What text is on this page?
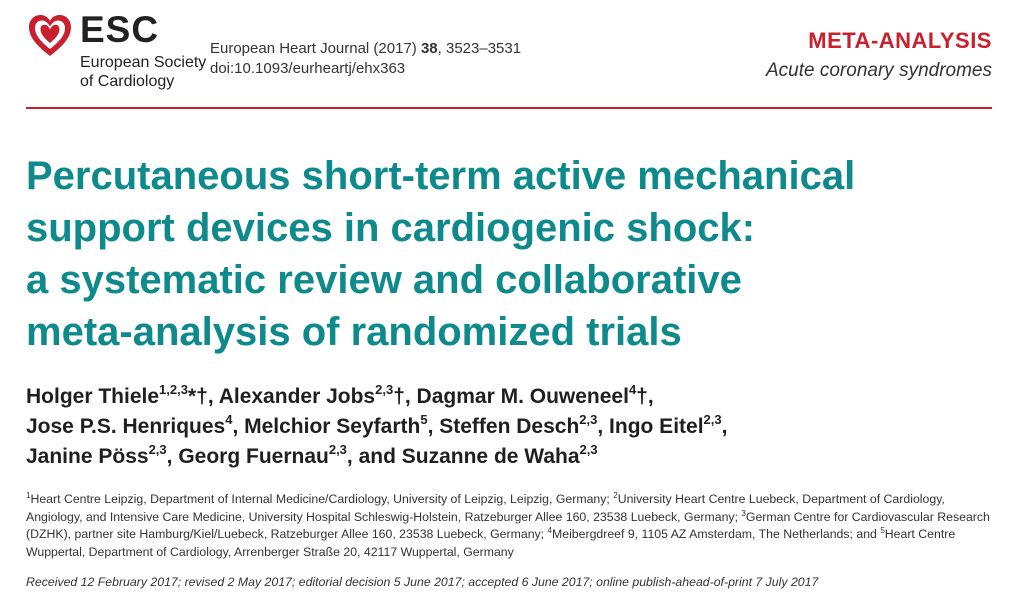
ESC
European Society
of Cardiology
European Heart Journal (2017) 38, 3523–3531
doi:10.1093/eurheartj/ehx363
META-ANALYSIS
Acute coronary syndromes
Percutaneous short-term active mechanical
support devices in cardiogenic shock:
a systematic review and collaborative
meta-analysis of randomized trials
Holger Thiele$^{1,2,3}$*†, Alexander Jobs$^{2,3}$†, Dagmar M. Ouweneel$^4$†,
Jose P.S. Henriques$^4$, Melchior Seyfarth$^5$, Steffen Desch$^{2,3}$, Ingo Eitel$^{2,3}$,
Janine Pöss$^{2,3}$, Georg Fuernau$^{2,3}$, and Suzanne de Waha$^{2,3}$
$^1$Heart Centre Leipzig, Department of Internal Medicine/Cardiology, University of Leipzig, Leipzig, Germany; $^2$University Heart Centre Luebeck, Department of Cardiology,
Angiology, and Intensive Care Medicine, University Hospital Schleswig-Holstein, Ratzeburger Allee 160, 23538 Luebeck, Germany; $^3$German Centre for Cardiovascular Research
(DZHK), partner site Hamburg/Kiel/Luebeck, Ratzeburger Allee 160, 23538 Luebeck, Germany; $^4$Meibergdreef 9, 1105 AZ Amsterdam, The Netherlands; and $^5$Heart Centre
Wuppertal, Department of Cardiology, Arrenberger Straße 20, 42117 Wuppertal, Germany
Received 12 February 2017; revised 2 May 2017; editorial decision 5 June 2017; accepted 6 June 2017; online publish-ahead-of-print 7 July 2017
